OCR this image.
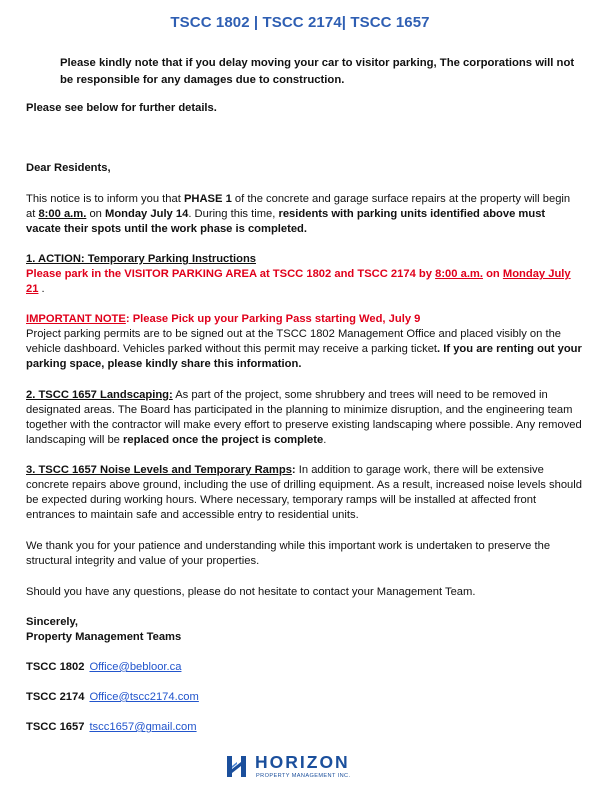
TSCC 1802 | TSCC 2174| TSCC 1657
Please kindly note that if you delay moving your car to visitor parking, The corporations will not be responsible for any damages due to construction.
Please see below for further details.
Dear Residents,
This notice is to inform you that PHASE 1 of the concrete and garage surface repairs at the property will begin at 8:00 a.m. on Monday July 14. During this time, residents with parking units identified above must vacate their spots until the work phase is completed.
1. ACTION: Temporary Parking Instructions
Please park in the VISITOR PARKING AREA at TSCC 1802 and TSCC 2174 by 8:00 a.m. on Monday July 21 .
IMPORTANT NOTE: Please Pick up your Parking Pass starting Wed, July 9
Project parking permits are to be signed out at the TSCC 1802 Management Office and placed visibly on the vehicle dashboard. Vehicles parked without this permit may receive a parking ticket. If you are renting out your parking space, please kindly share this information.
2. TSCC 1657 Landscaping: As part of the project, some shrubbery and trees will need to be removed in designated areas. The Board has participated in the planning to minimize disruption, and the engineering team together with the contractor will make every effort to preserve existing landscaping where possible. Any removed landscaping will be replaced once the project is complete.
3. TSCC 1657 Noise Levels and Temporary Ramps: In addition to garage work, there will be extensive concrete repairs above ground, including the use of drilling equipment. As a result, increased noise levels should be expected during working hours. Where necessary, temporary ramps will be installed at affected front entrances to maintain safe and accessible entry to residential units.
We thank you for your patience and understanding while this important work is undertaken to preserve the structural integrity and value of your properties.
Should you have any questions, please do not hesitate to contact your Management Team.
Sincerely,
Property Management Teams
TSCC 1802 Office@bebloor.ca
TSCC 2174 Office@tscc2174.com
TSCC 1657 tscc1657@gmail.com
HORIZON
PROPERTY MANAGEMENT INC.
